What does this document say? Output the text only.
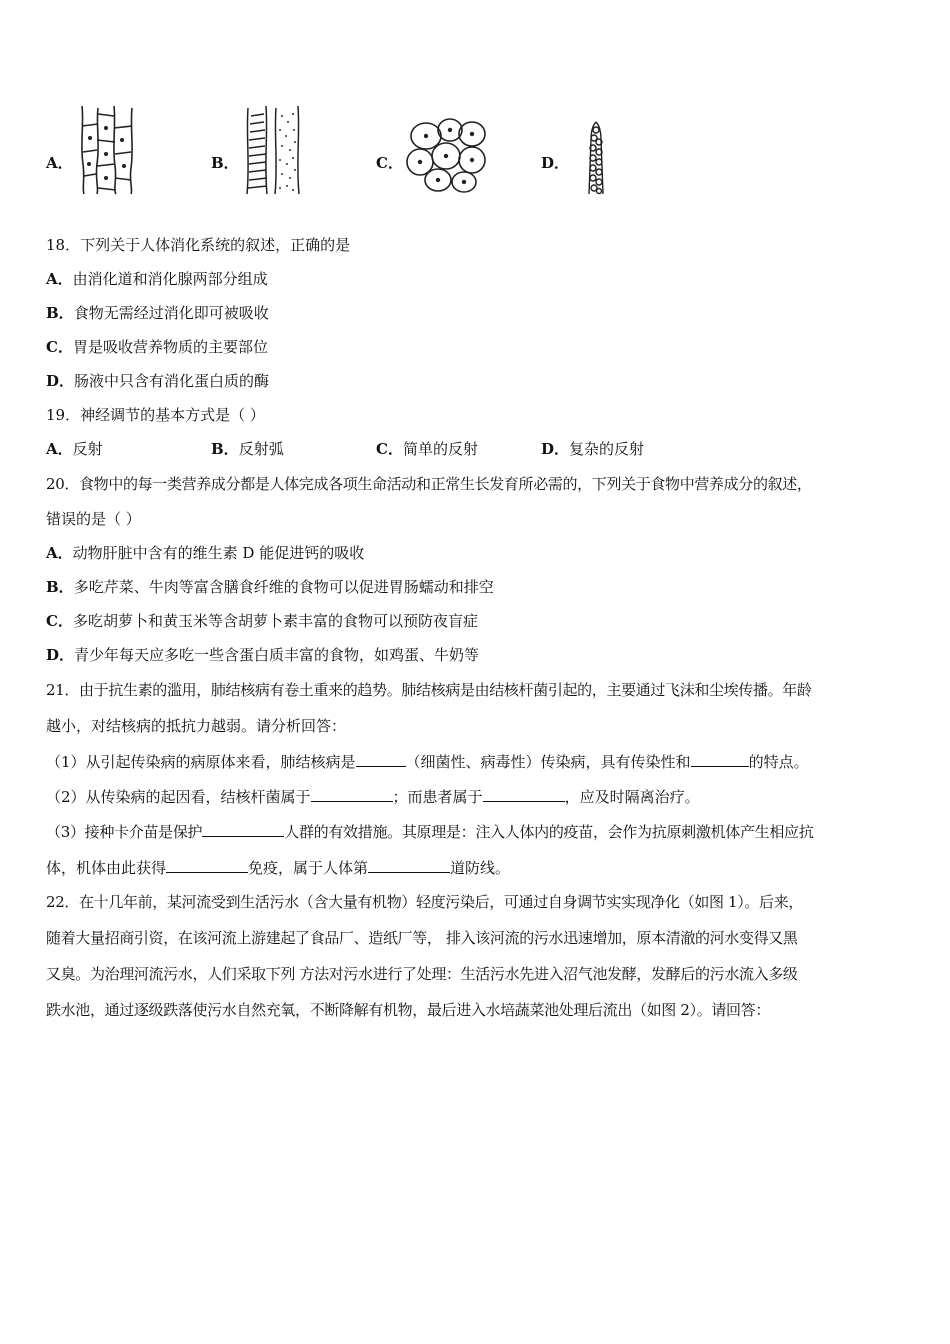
A．	B．	C．	D．
18．下列关于人体消化系统的叙述，正确的是
A．由消化道和消化腺两部分组成
B．食物无需经过消化即可被吸收
C．胃是吸收营养物质的主要部位
D．肠液中只含有消化蛋白质的酶
19．神经调节的基本方式是（ ）
A．反射	B．反射弧	C．简单的反射	D．复杂的反射
20．食物中的每一类营养成分都是人体完成各项生命活动和正常生长发育所必需的，下列关于食物中营养成分的叙述，
错误的是（ ）
A．动物肝脏中含有的维生素 D 能促进钙的吸收
B．多吃芹菜、牛肉等富含膳食纤维的食物可以促进胃肠蠕动和排空
C．多吃胡萝卜和黄玉米等含胡萝卜素丰富的食物可以预防夜盲症
D．青少年每天应多吃一些含蛋白质丰富的食物，如鸡蛋、牛奶等
21．由于抗生素的滥用，肺结核病有卷土重来的趋势。肺结核病是由结核杆菌引起的，主要通过飞沫和尘埃传播。年龄
越小，对结核病的抵抗力越弱。请分析回答：
（1）从引起传染病的病原体来看，肺结核病是	（细菌性、病毒性）传染病，具有传染性和	的特点。
（2）从传染病的起因看，结核杆菌属于	；而患者属于	，应及时隔离治疗。
（3）接种卡介苗是保护	人群的有效措施。其原理是：注入人体内的疫苗，会作为抗原刺激机体产生相应抗
体，机体由此获得	免疫，属于人体第	道防线。
22．在十几年前，某河流受到生活污水（含大量有机物）轻度污染后，可通过自身调节实实现净化（如图 1）。后来，
随着大量招商引资，在该河流上游建起了食品厂、造纸厂等， 排入该河流的污水迅速增加，原本清澈的河水变得又黑
又臭。为治理河流污水，人们采取下列 方法对污水进行了处理：生活污水先进入沼气池发酵，发酵后的污水流入多级
跌水池，通过逐级跌落使污水自然充氧，不断降解有机物，最后进入水培蔬菜池处理后流出（如图 2）。请回答：
